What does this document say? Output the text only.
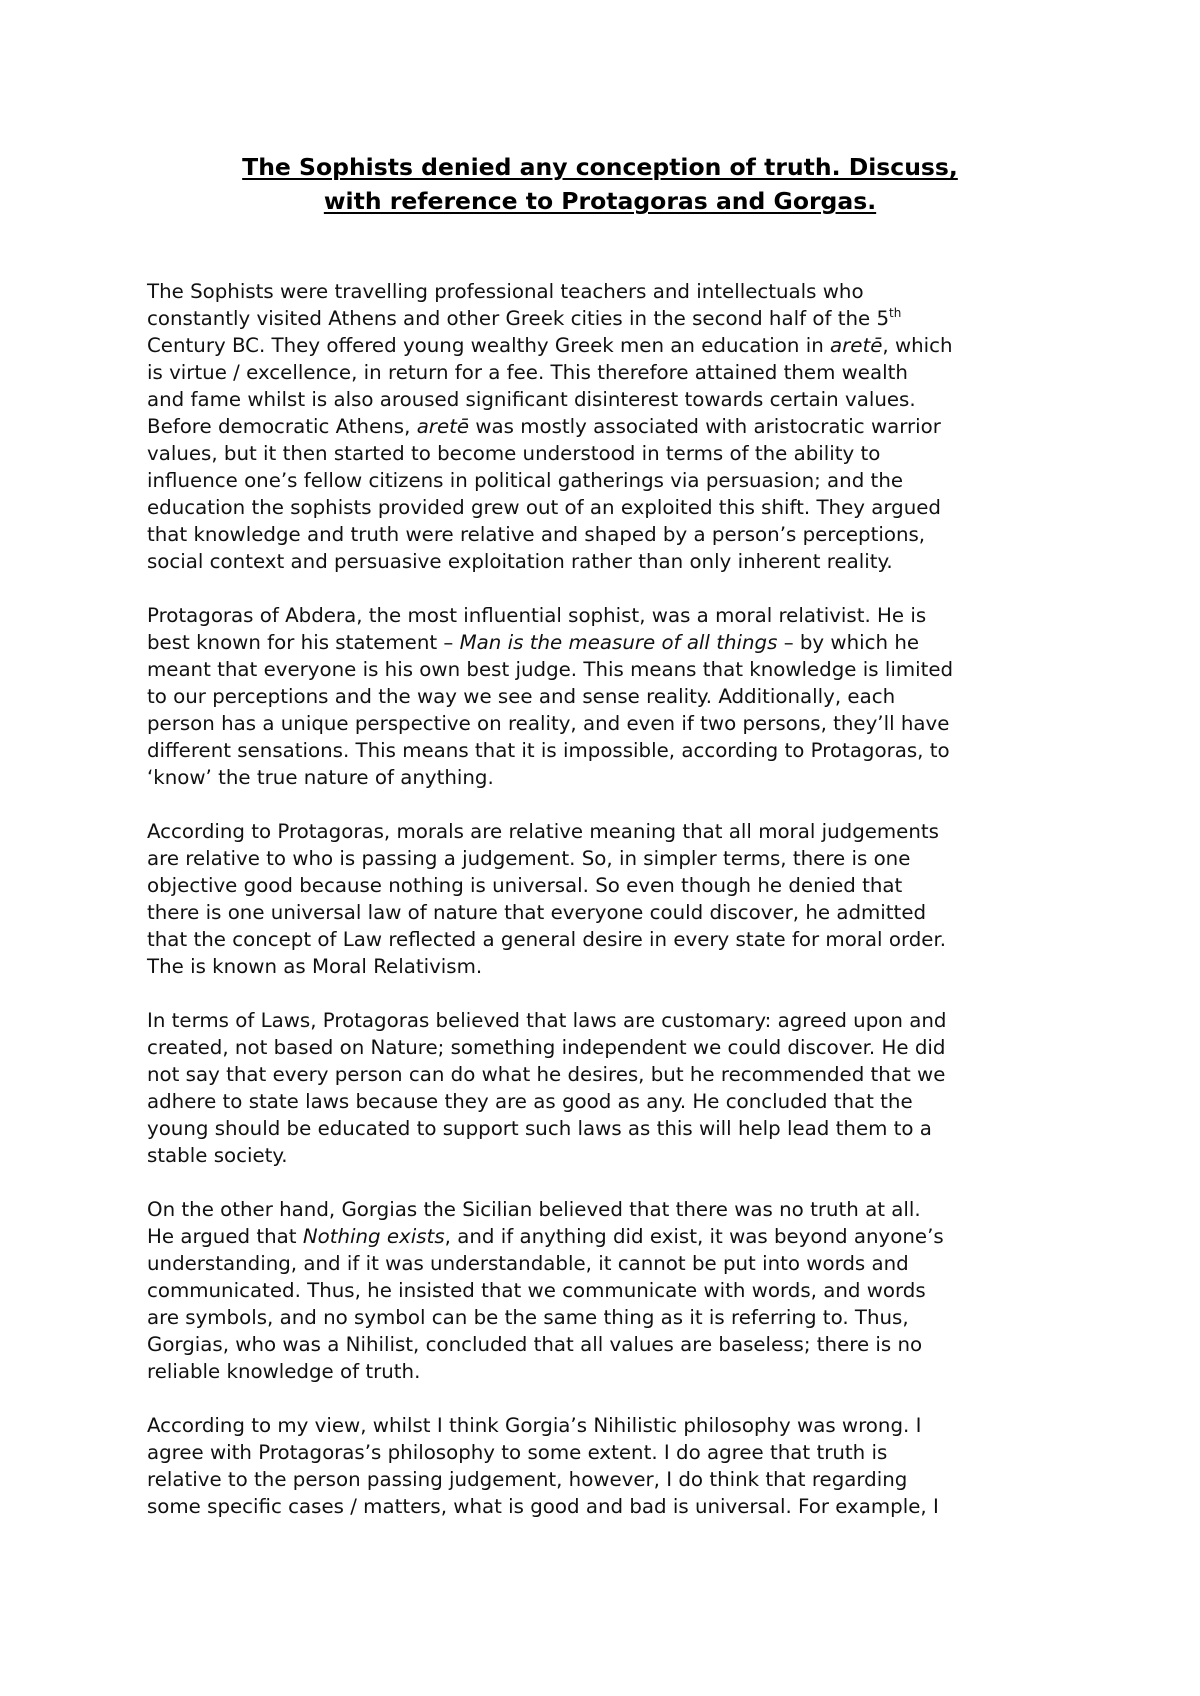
The Sophists denied any conception of truth. Discuss,
with reference to Protagoras and Gorgas.

The Sophists were travelling professional teachers and intellectuals who
constantly visited Athens and other Greek cities in the second half of the 5th
Century BC. They offered young wealthy Greek men an education in aretē, which
is virtue / excellence, in return for a fee. This therefore attained them wealth
and fame whilst is also aroused significant disinterest towards certain values.
Before democratic Athens, aretē was mostly associated with aristocratic warrior
values, but it then started to become understood in terms of the ability to
influence one’s fellow citizens in political gatherings via persuasion; and the
education the sophists provided grew out of an exploited this shift. They argued
that knowledge and truth were relative and shaped by a person’s perceptions,
social context and persuasive exploitation rather than only inherent reality.

Protagoras of Abdera, the most influential sophist, was a moral relativist. He is
best known for his statement – Man is the measure of all things – by which he
meant that everyone is his own best judge. This means that knowledge is limited
to our perceptions and the way we see and sense reality. Additionally, each
person has a unique perspective on reality, and even if two persons, they’ll have
different sensations. This means that it is impossible, according to Protagoras, to
‘know’ the true nature of anything.

According to Protagoras, morals are relative meaning that all moral judgements
are relative to who is passing a judgement. So, in simpler terms, there is one
objective good because nothing is universal. So even though he denied that
there is one universal law of nature that everyone could discover, he admitted
that the concept of Law reflected a general desire in every state for moral order.
The is known as Moral Relativism.

In terms of Laws, Protagoras believed that laws are customary: agreed upon and
created, not based on Nature; something independent we could discover. He did
not say that every person can do what he desires, but he recommended that we
adhere to state laws because they are as good as any. He concluded that the
young should be educated to support such laws as this will help lead them to a
stable society.

On the other hand, Gorgias the Sicilian believed that there was no truth at all.
He argued that Nothing exists, and if anything did exist, it was beyond anyone’s
understanding, and if it was understandable, it cannot be put into words and
communicated. Thus, he insisted that we communicate with words, and words
are symbols, and no symbol can be the same thing as it is referring to. Thus,
Gorgias, who was a Nihilist, concluded that all values are baseless; there is no
reliable knowledge of truth.

According to my view, whilst I think Gorgia’s Nihilistic philosophy was wrong. I
agree with Protagoras’s philosophy to some extent. I do agree that truth is
relative to the person passing judgement, however, I do think that regarding
some specific cases / matters, what is good and bad is universal. For example, I
